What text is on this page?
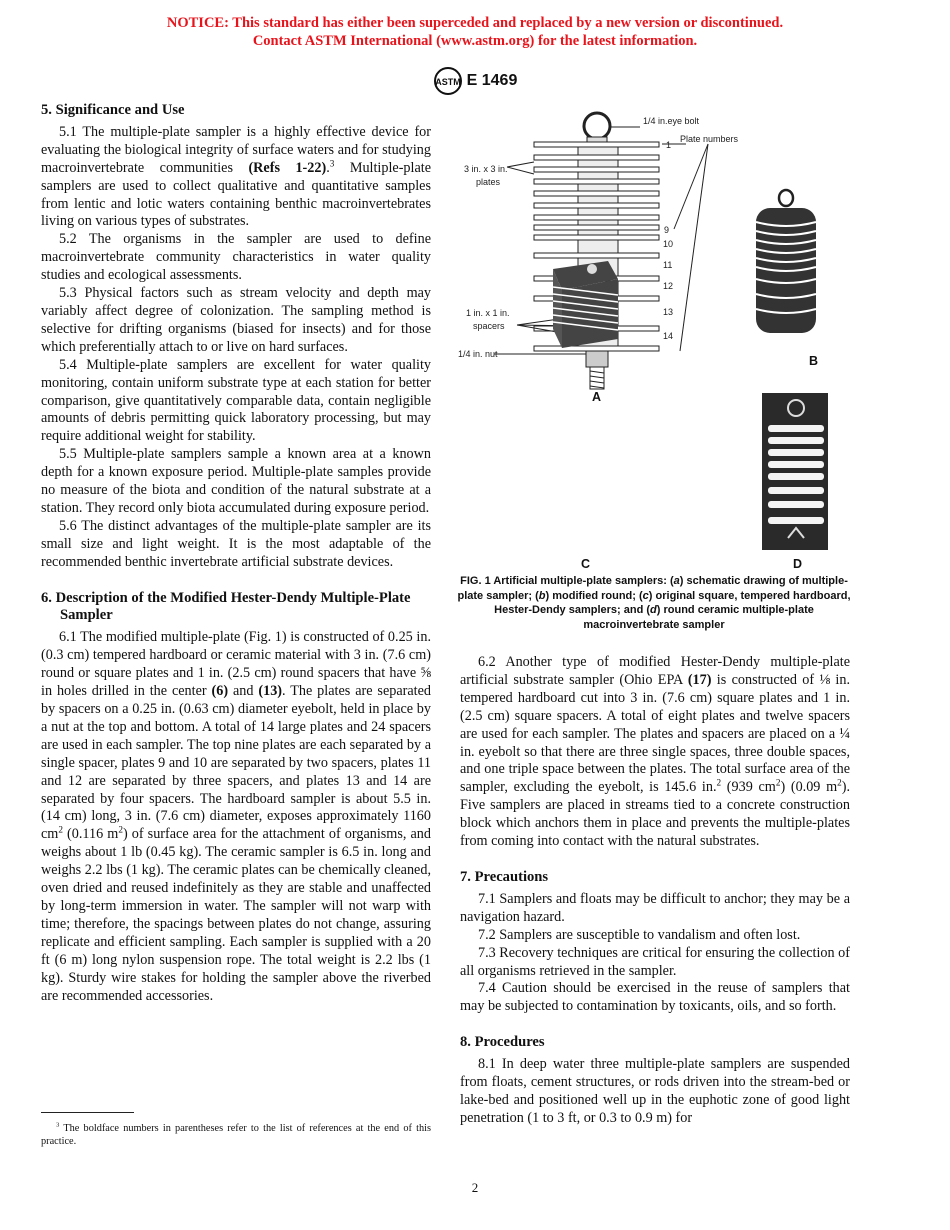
NOTICE: This standard has either been superceded and replaced by a new version or discontinued.
Contact ASTM International (www.astm.org) for the latest information.
ASTM E 1469
5. Significance and Use

5.1 The multiple-plate sampler is a highly effective device for evaluating the biological integrity of surface waters and for studying macroinvertebrate communities (Refs 1-22).$^3$ Multiple-plate samplers are used to collect qualitative and quantitative samples from lentic and lotic waters containing benthic macroinvertebrates living on various types of substrates.

5.2 The organisms in the sampler are used to define macroinvertebrate community characteristics in water quality studies and ecological assessments.

5.3 Physical factors such as stream velocity and depth may variably affect degree of colonization. The sampling method is selective for drifting organisms (biased for insects) and for those which preferentially attach to or live on hard surfaces.

5.4 Multiple-plate samplers are excellent for water quality monitoring, contain uniform substrate type at each station for better comparison, give quantitatively comparable data, contain negligible amounts of debris permitting quick laboratory processing, but may require additional weight for stability.

5.5 Multiple-plate samplers sample a known area at a known depth for a known exposure period. Multiple-plate samples provide no measure of the biota and condition of the natural substrate at a station. They record only biota accumulated during exposure period.

5.6 The distinct advantages of the multiple-plate sampler are its small size and light weight. It is the most adaptable of the recommended benthic invertebrate artificial substrate devices.

6. Description of the Modified Hester-Dendy Multiple-Plate Sampler

6.1 The modified multiple-plate (Fig. 1) is constructed of 0.25 in. (0.3 cm) tempered hardboard or ceramic material with 3 in. (7.6 cm) round or square plates and 1 in. (2.5 cm) round spacers that have ⅝ in holes drilled in the center (6) and (13). The plates are separated by spacers on a 0.25 in. (0.63 cm) diameter eyebolt, held in place by a nut at the top and bottom. A total of 14 large plates and 24 spacers are used in each sampler. The top nine plates are each separated by a single spacer, plates 9 and 10 are separated by two spacers, plates 11 and 12 are separated by three spacers, and plates 13 and 14 are separated by four spacers. The hardboard sampler is about 5.5 in. (14 cm) long, 3 in. (7.6 cm) diameter, exposes approximately 1160 $cm^2$ (0.116 $m^2$) of surface area for the attachment of organisms, and weighs about 1 lb (0.45 kg). The ceramic sampler is 6.5 in. long and weighs 2.2 lbs (1 kg). The ceramic plates can be chemically cleaned, oven dried and reused indefinitely as they are stable and unaffected by long-term immersion in water. The sampler will not warp with time; therefore, the spacings between plates do not change, assuring replicate and efficient sampling. Each sampler is supplied with a 20 ft (6 m) long nylon suspension rope. The total weight is 2.2 lbs (1 kg). Sturdy wire stakes for holding the sampler above the riverbed are recommended accessories.

$^3$ The boldface numbers in parentheses refer to the list of references at the end of this practice.

1/4 in.eye bolt
Plate numbers
3 in. x 3 in.
plates
1 in. x 1 in.
spacers
1/4 in. nut
1
9
10
11
12
13
14
A
B
C	D
FIG. 1 Artificial multiple-plate samplers: (a) schematic drawing of multiple-plate sampler; (b) modified round; (c) original square, tempered hardboard, Hester-Dendy samplers; and (d) round ceramic multiple-plate macroinvertebrate sampler

6.2 Another type of modified Hester-Dendy multiple-plate artificial substrate sampler (Ohio EPA (17) is constructed of ⅛ in. tempered hardboard cut into 3 in. (7.6 cm) square plates and 1 in. (2.5 cm) square spacers. A total of eight plates and twelve spacers are used for each sampler. The plates and spacers are placed on a ¼ in. eyebolt so that there are three single spaces, three double spaces, and one triple space between the plates. The total surface area of the sampler, excluding the eyebolt, is 145.6 in.$^2$ (939 $cm^2$) (0.09 $m^2$). Five samplers are placed in streams tied to a concrete construction block which anchors them in place and prevents the multiple-plates from coming into contact with the natural substrates.

7. Precautions

7.1 Samplers and floats may be difficult to anchor; they may be a navigation hazard.

7.2 Samplers are susceptible to vandalism and often lost.

7.3 Recovery techniques are critical for ensuring the collection of all organisms retrieved in the sampler.

7.4 Caution should be exercised in the reuse of samplers that may be subjected to contamination by toxicants, oils, and so forth.

8. Procedures

8.1 In deep water three multiple-plate samplers are suspended from floats, cement structures, or rods driven into the stream-bed or lake-bed and positioned well up in the euphotic zone of good light penetration (1 to 3 ft, or 0.3 to 0.9 m) for

2
